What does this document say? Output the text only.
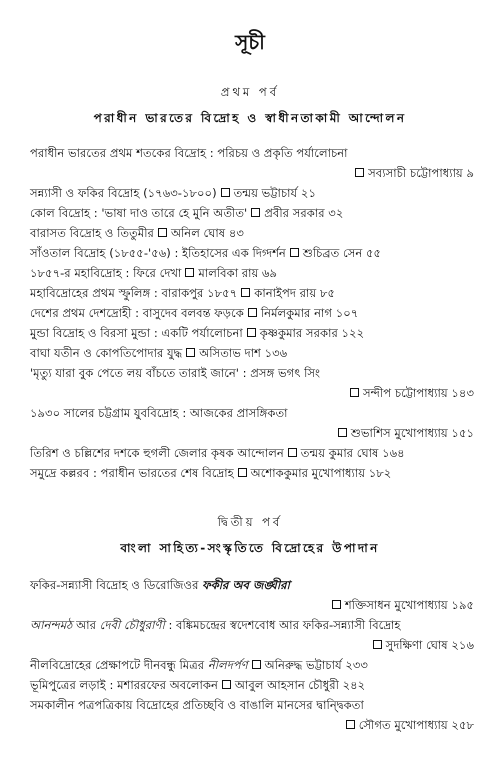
সূচী
প্রথম পর্ব
পরাধীন ভারতের বিদ্রোহ ও স্বাধীনতাকামী আন্দোলন
পরাধীন ভারতের প্রথম শতকের বিদ্রোহ : পরিচয় ও প্রকৃতি পর্যালোচনা
সব্যসাচী চট্টোপাধ্যায় ৯
সন্ন্যাসী ও ফকির বিদ্রোহ (১৭৬৩-১৮০০) তন্ময় ভট্টাচার্য ২১
কোল বিদ্রোহ : 'ভাষা দাও তারে হে মুনি অতীত' প্রবীর সরকার ৩২
বারাসত বিদ্রোহ ও তিতুমীর অনিল ঘোষ ৪৩
সাঁওতাল বিদ্রোহ (১৮৫৫-'৫৬) : ইতিহাসের এক দিগ্দর্শন শুচিব্রত সেন ৫৫
১৮৫৭-র মহাবিদ্রোহ : ফিরে দেখা মালবিকা রায় ৬৯
মহাবিদ্রোহের প্রথম স্ফুলিঙ্গ : বারাকপুর ১৮৫৭ কানাইপদ রায় ৮৫
দেশের প্রথম দেশদ্রোহী : বাসুদেব বলবন্ত ফড়কে নির্মলকুমার নাগ ১০৭
মুন্ডা বিদ্রোহ ও বিরসা মুন্ডা : একটি পর্যালোচনা কৃষ্ণকুমার সরকার ১২২
বাঘা যতীন ও কোপতিপোদার যুদ্ধ অসিতাভ দাশ ১৩৬
'মৃত্যু যারা বুক পেতে লয় বাঁচতে তারাই জানে' : প্রসঙ্গ ভগৎ সিং
সন্দীপ চট্টোপাধ্যায় ১৪৩
১৯৩০ সালের চট্টগ্রাম যুববিদ্রোহ : আজকের প্রাসঙ্গিকতা
শুভাশিস মুখোপাধ্যায় ১৫১
তিরিশ ও চল্লিশের দশকে হুগলী জেলার কৃষক আন্দোলন তন্ময় কুমার ঘোষ ১৬৪
সমুদ্রে কল্লরব : পরাধীন ভারতের শেষ বিদ্রোহ অশোককুমার মুখোপাধ্যায় ১৮২
দ্বিতীয় পর্ব
বাংলা সাহিত্য-সংস্কৃতিতে বিদ্রোহের উপাদান
ফকির-সন্ন্যাসী বিদ্রোহ ও ডিরোজিওর ফকীর অব জঙ্ঘীরা
শক্তিসাধন মুখোপাধ্যায় ১৯৫
আনন্দমঠ আর দেবী চৌধুরাণী : বঙ্কিমচন্দ্রের স্বদেশবোধ আর ফকির-সন্ন্যাসী বিদ্রোহ
সুদক্ষিণা ঘোষ ২১৬
নীলবিদ্রোহের প্রেক্ষাপটে দীনবন্ধু মিত্রর নীলদর্পণ অনিরুদ্ধ ভট্টাচার্য ২৩৩
ভূমিপুত্রের লড়াই : মশাররফের অবলোকন আবুল আহসান চৌধুরী ২৪২
সমকালীন পত্রপত্রিকায় বিদ্রোহের প্রতিচ্ছবি ও বাঙালি মানসের দ্বান্দ্বিকতা
সৌগত মুখোপাধ্যায় ২৫৮
